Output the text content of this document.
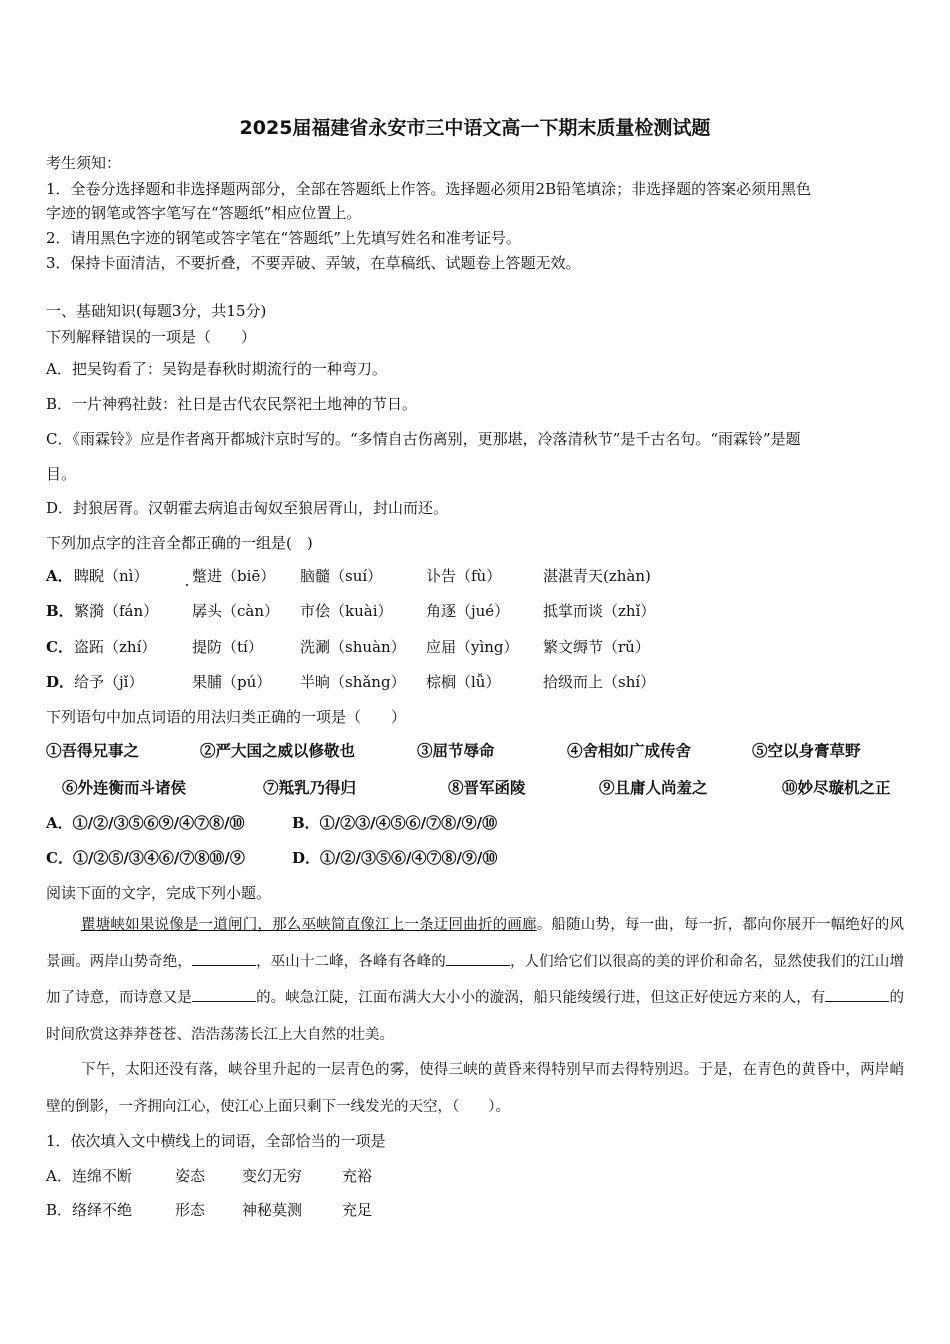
2025届福建省永安市三中语文高一下期末质量检测试题
考生须知：
1．全卷分选择题和非选择题两部分，全部在答题纸上作答。选择题必须用2B铅笔填涂；非选择题的答案必须用黑色
字迹的钢笔或答字笔写在“答题纸”相应位置上。
2．请用黑色字迹的钢笔或答字笔在“答题纸”上先填写姓名和准考证号。
3．保持卡面清洁，不要折叠，不要弄破、弄皱，在草稿纸、试题卷上答题无效。
一、基础知识(每题3分，共15分)
下列解释错误的一项是（　　）
A．把吴钩看了：吴钩是春秋时期流行的一种弯刀。
B．一片神鸦社鼓：社日是古代农民祭祀土地神的节日。
C．《雨霖铃》应是作者离开都城汴京时写的。“多情自古伤离别，更那堪，冷落清秋节”是千古名句。“雨霖铃”是题
目。
D．封狼居胥。汉朝霍去病追击匈奴至狼居胥山，封山而还。
下列加点字的注音全都正确的一组是(　)
A． 睥睨（nì）	蹩进（biē） 脑髓（suí）	讣告（fù）	湛湛青天(zhàn)
B． 繁漪（fán） 孱头（càn） 市侩（kuài） 角逐（jué） 抵掌而谈（zhǐ）
C． 盗跖（zhí） 提防（tí） 洗涮（shuàn） 应届（yìng） 繁文缛节（rǔ）
D． 给予（jǐ）	果脯（pú） 半晌（shǎng） 棕榈（lǚ）	拾级而上（shí）
下列语句中加点词语的用法归类正确的一项是（　　）
①吾得兄事之	②严大国之威以修敬也	③屈节辱命	④舍相如广成传舍	⑤空以身膏草野
⑥外连衡而斗诸侯	⑦羝乳乃得归	⑧晋军函陵	⑨且庸人尚羞之	⑩妙尽璇机之正
A．①/②/③⑤⑥⑨/④⑦⑧/⑩	B．①/②③/④⑤⑥/⑦⑧/⑨/⑩
C．①/②⑤/③④⑥/⑦⑧⑩/⑨	D．①/②/③⑤⑥/④⑦⑧/⑨/⑩
阅读下面的文字，完成下列小题。
瞿塘峡如果说像是一道闸门，那么巫峡简直像江上一条迂回曲折的画廊。船随山势，每一曲，每一折，都向你展开一幅绝好的风景画。两岸山势奇绝，	，巫山十二峰，各峰有各峰的	，人们给它们以很高的美的评价和命名，显然使我们的江山增加了诗意，而诗意又是	的。峡急江陡，江面布满大大小小的漩涡，船只能绫缓行进，但这正好使远方来的人，有	的时间欣赏这莽莽苍苍、浩浩荡荡长江上大自然的壮美。
下午，太阳还没有落，峡谷里升起的一层青色的雾，使得三峡的黄昏来得特别早而去得特别迟。于是，在青色的黄昏中，两岸峭壁的倒影，一齐拥向江心，使江心上面只剩下一线发光的天空，（　　）。
1．依次填入文中横线上的词语，全部恰当的一项是
A．连绵不断	姿态 变幻无穷	充裕
B．络绎不绝	形态 神秘莫测	充足
